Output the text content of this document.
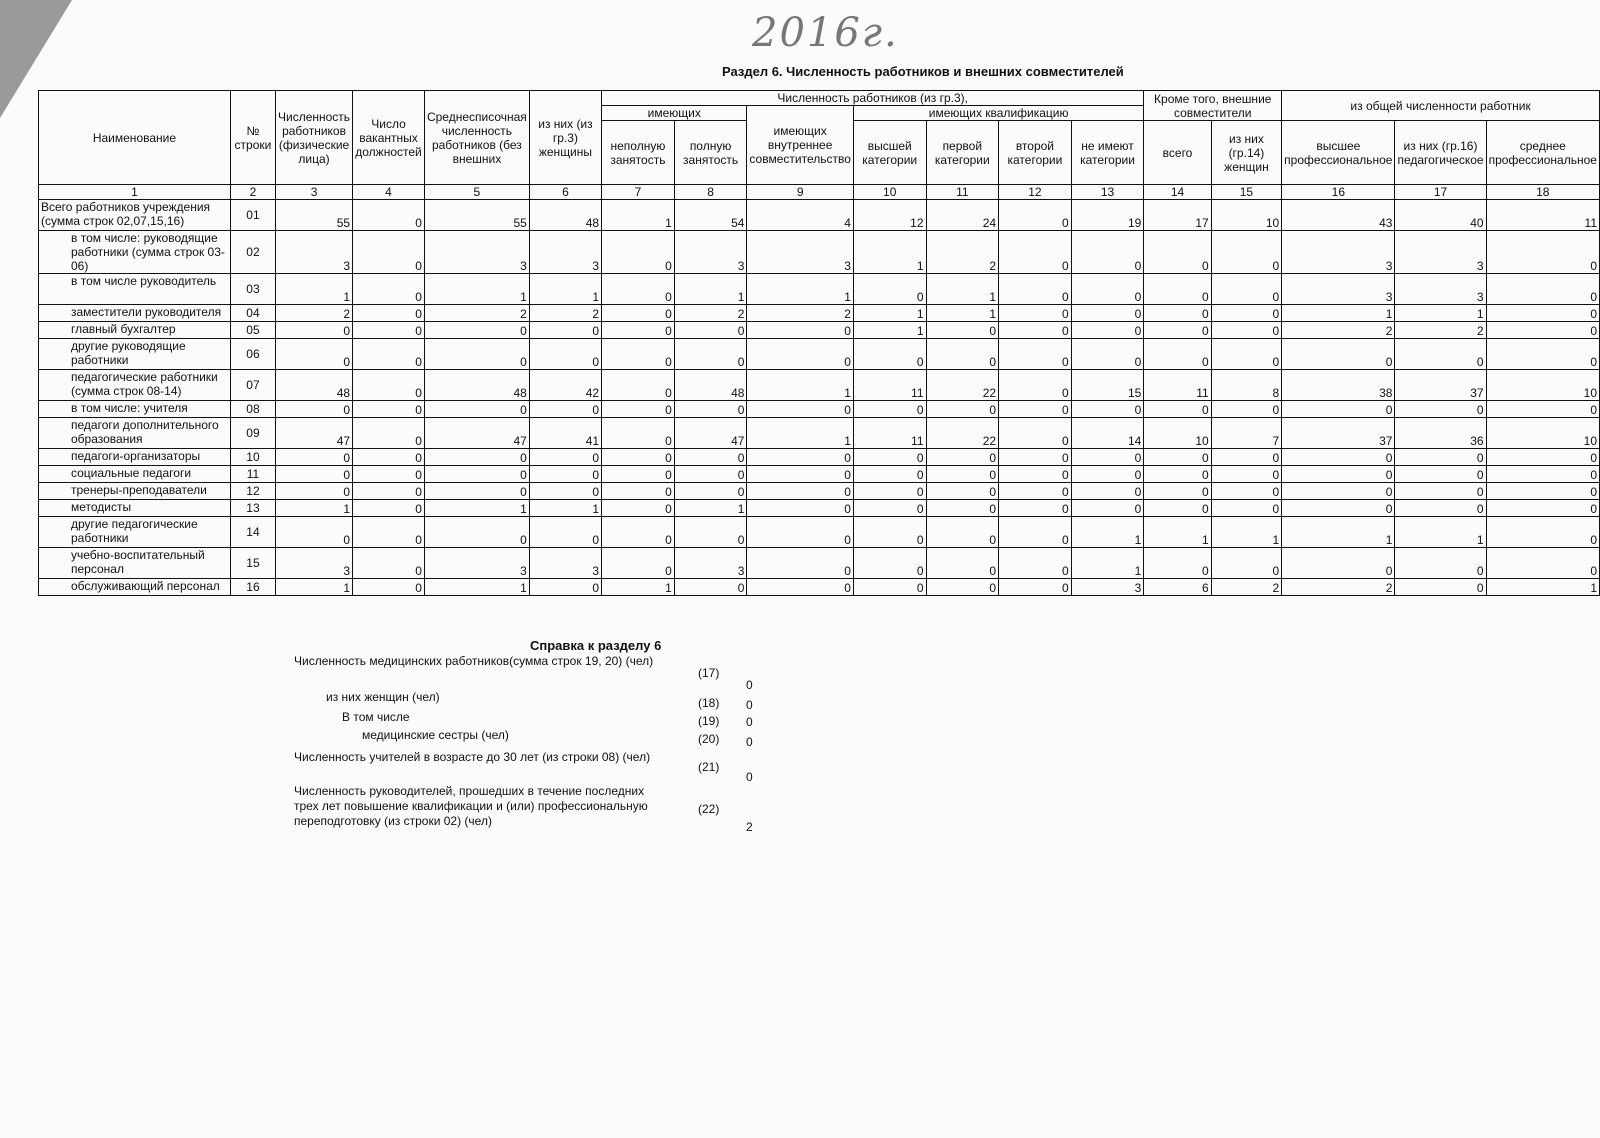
2016г.
Раздел 6. Численность работников и внешних совместителей
Наименование	№ строки	Численность работников (физические лица)	Число вакантных должностей	Среднесписочная численность работников (без внешних	из них (из гр.3) женщины	Численность работников (из гр.3),							Кроме того, внешние совместители		из общей численности работник		
						имеющих		имеющих внутреннее совместительство	имеющих квалификацию								
						неполную занятость	полную занятость		высшей категории	первой категории	второй категории	не имеют категории	всего	из них (гр.14) женщин	высшее профессиональное	из них (гр.16) педагогическое	среднее профессиональное
1	2	3	4	5	6	7	8	9	10	11	12	13	14	15	16	17	18
Всего работников учреждения (сумма строк 02,07,15,16)	01	55	0	55	48	1	54	4	12	24	0	19	17	10	43	40	11
в том числе: руководящие работники (сумма строк 03-06)	02	3	0	3	3	0	3	3	1	2	0	0	0	0	3	3	0
в том числе руководитель	03	1	0	1	1	0	1	1	0	1	0	0	0	0	3	3	0
заместители руководителя	04	2	0	2	2	0	2	2	1	1	0	0	0	0	1	1	0
главный бухгалтер	05	0	0	0	0	0	0	0	1	0	0	0	0	0	2	2	0
другие руководящие работники	06	0	0	0	0	0	0	0	0	0	0	0	0	0	0	0	0
педагогические работники (сумма строк 08-14)	07	48	0	48	42	0	48	1	11	22	0	15	11	8	38	37	10
в том числе: учителя	08	0	0	0	0	0	0	0	0	0	0	0	0	0	0	0	0
педагоги дополнительного образования	09	47	0	47	41	0	47	1	11	22	0	14	10	7	37	36	10
педагоги-организаторы	10	0	0	0	0	0	0	0	0	0	0	0	0	0	0	0	0
социальные педагоги	11	0	0	0	0	0	0	0	0	0	0	0	0	0	0	0	0
тренеры-преподаватели	12	0	0	0	0	0	0	0	0	0	0	0	0	0	0	0	0
методисты	13	1	0	1	1	0	1	0	0	0	0	0	0	0	0	0	0
другие педагогические работники	14	0	0	0	0	0	0	0	0	0	0	1	1	1	1	1	0
учебно-воспитательный персонал	15	3	0	3	3	0	3	0	0	0	0	1	0	0	0	0	0
обслуживающий персонал	16	1	0	1	0	1	0	0	0	0	0	3	6	2	2	0	1
Справка к разделу 6
Численность медицинских работников(сумма строк 19, 20) (чел)
(17)
0
из них женщин (чел)	(18) 0
В том числе	(19) 0
медицинские сестры (чел)	(20) 0
Численность учителей в возрасте до 30 лет (из строки 08) (чел)
(21)
0
Численность руководителей, прошедших в течение последних трех лет повышение квалификации и (или) профессиональную переподготовку (из строки 02) (чел)
(22)
2
